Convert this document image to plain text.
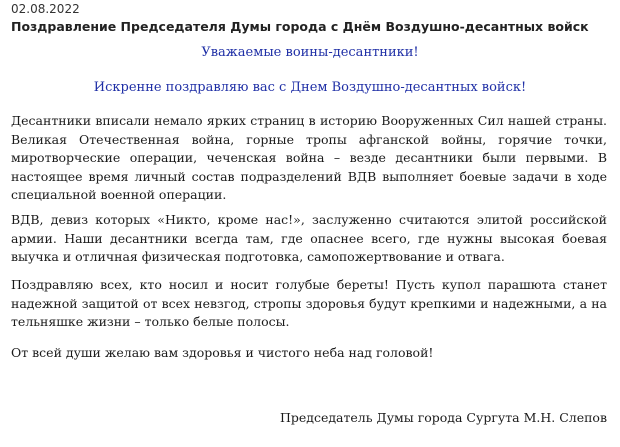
02.08.2022
Поздравление Председателя Думы города с Днём Воздушно-десантных войск
Уважаемые воины-десантники!
Искренне поздравляю вас с Днем Воздушно-десантных войск!

Десантники вписали немало ярких страниц в историю Вооруженных Сил нашей страны. Великая Отечественная война, горные тропы афганской войны, горячие точки, миротворческие операции, чеченская война – везде десантники были первыми. В настоящее время личный состав подразделений ВДВ выполняет боевые задачи в ходе специальной военной операции.

ВДВ, девиз которых «Никто, кроме нас!», заслуженно считаются элитой российской армии. Наши десантники всегда там, где опаснее всего, где нужны высокая боевая выучка и отличная физическая подготовка, самопожертвование и отвага.

Поздравляю всех, кто носил и носит голубые береты! Пусть купол парашюта станет надежной защитой от всех невзгод, стропы здоровья будут крепкими и надежными, а на тельняшке жизни – только белые полосы.

От всей души желаю вам здоровья и чистого неба над головой!

Председатель Думы города Сургута М.Н. Слепов
